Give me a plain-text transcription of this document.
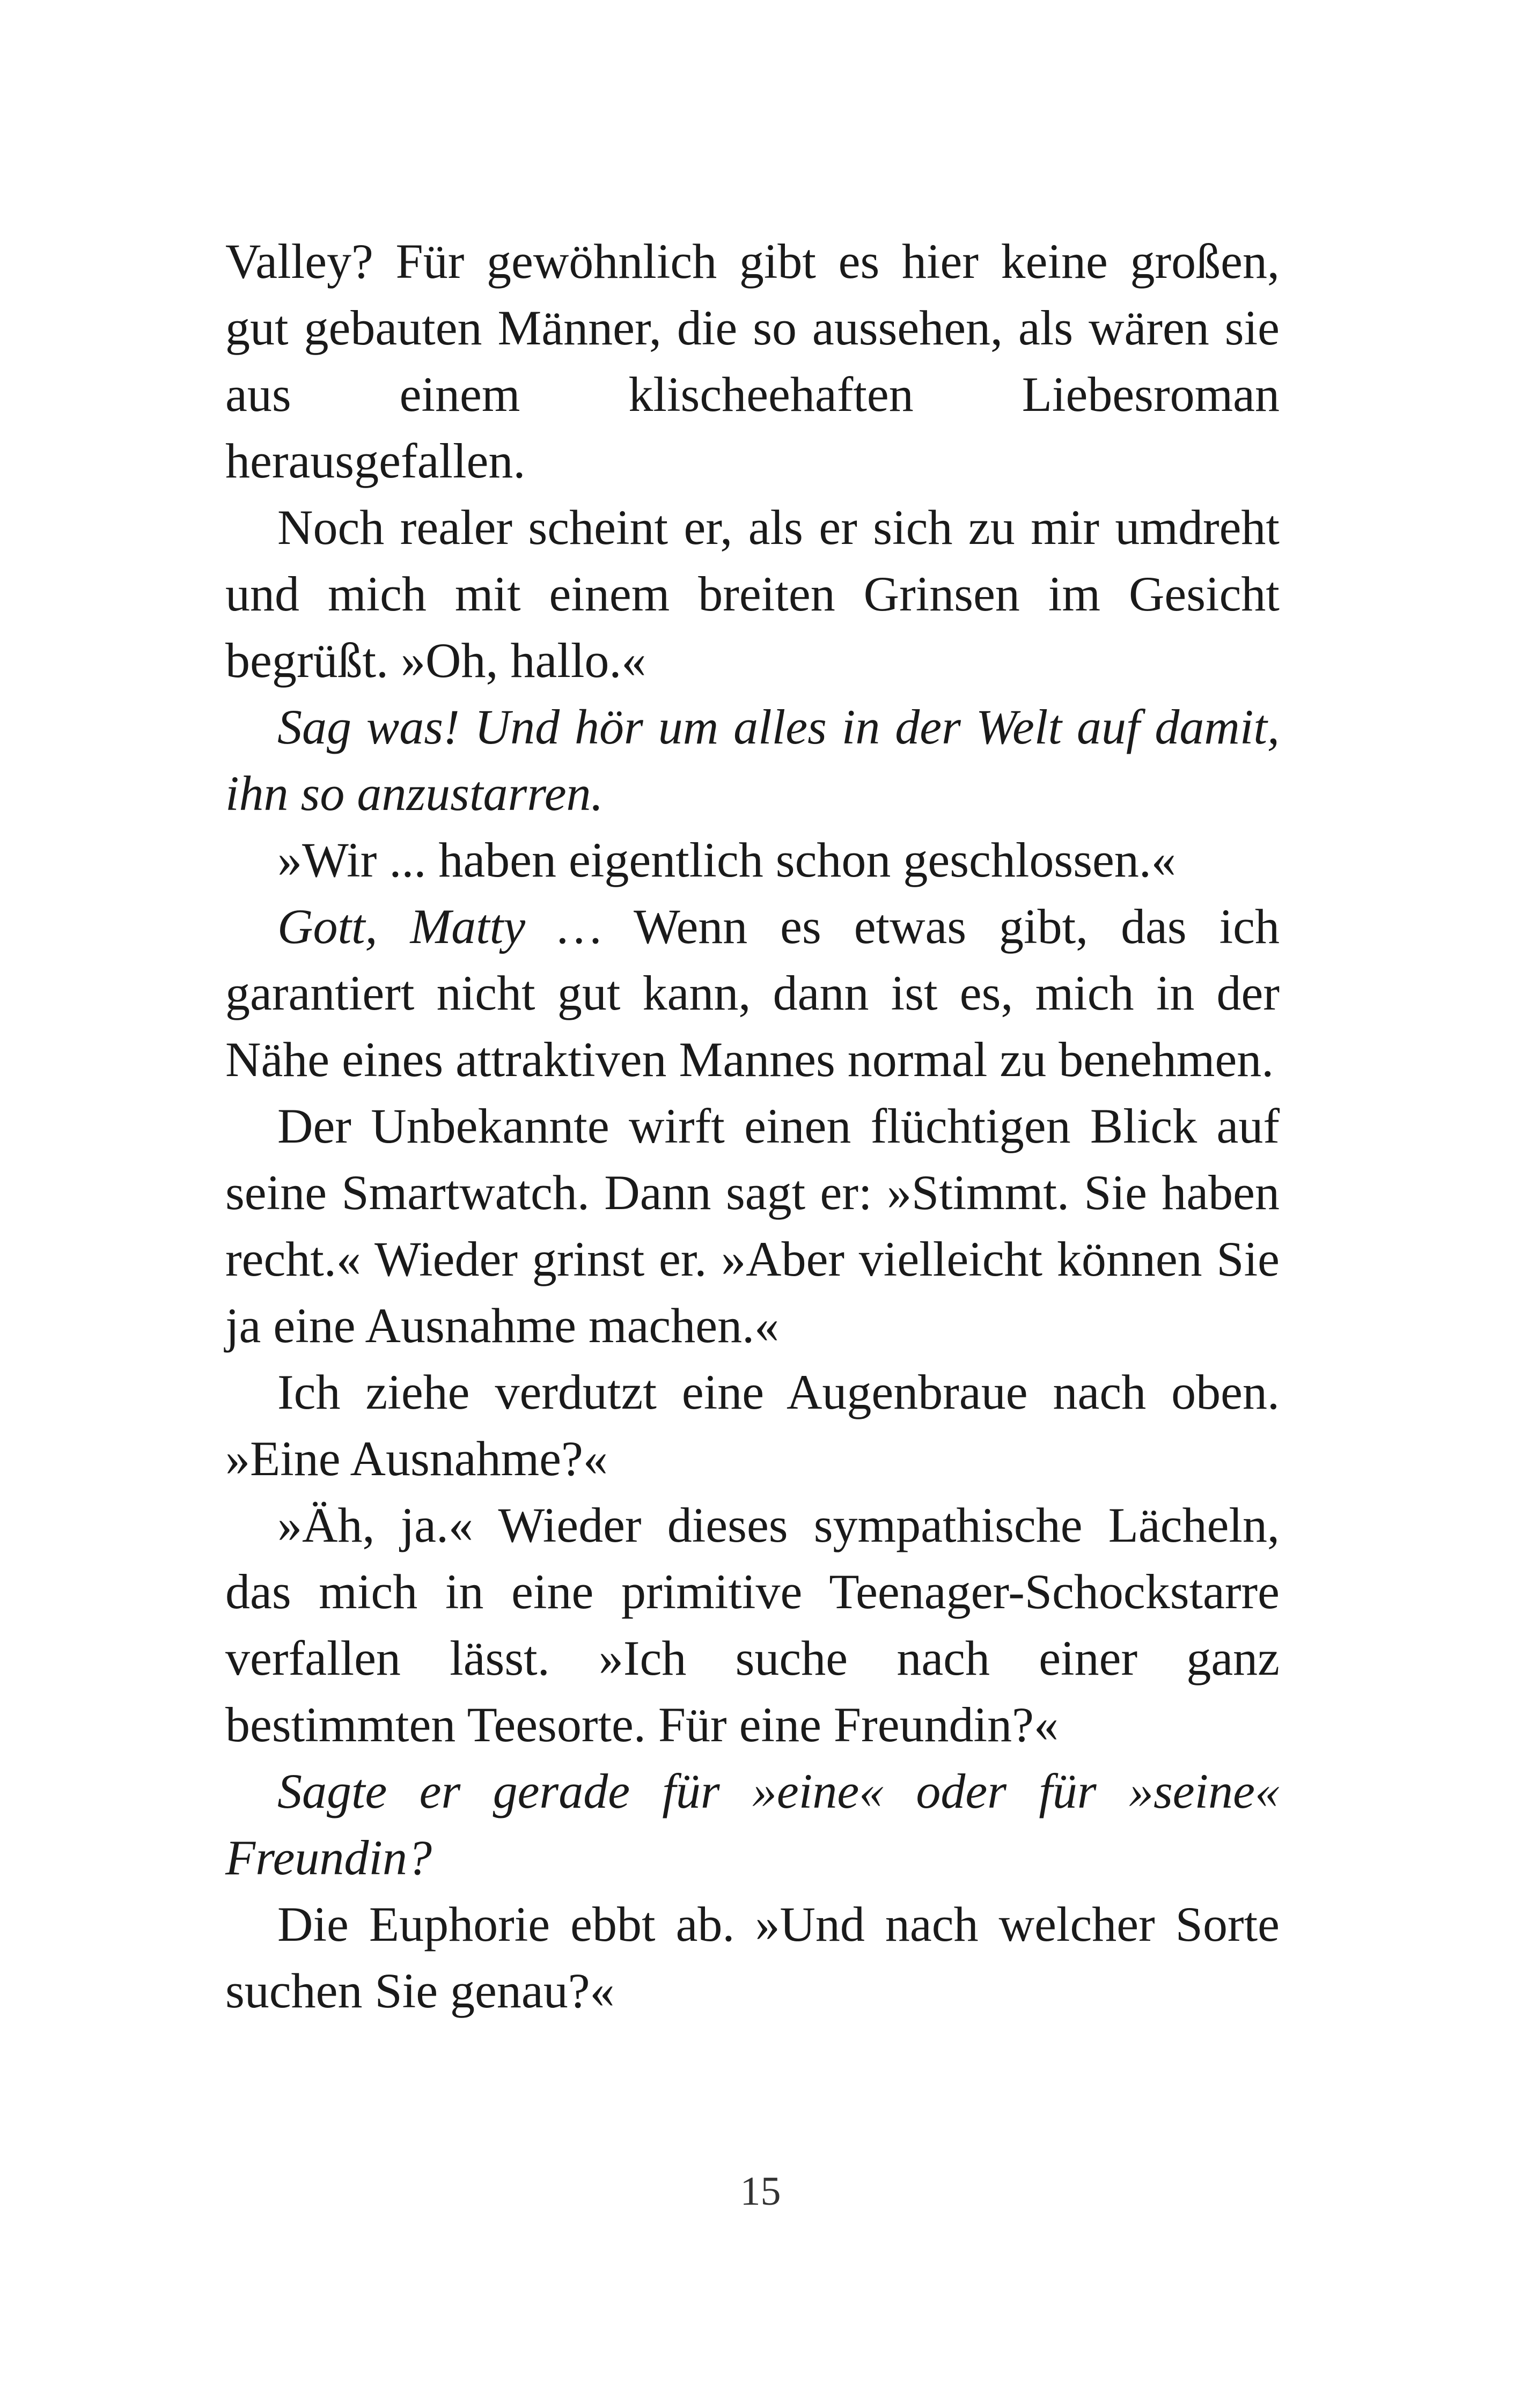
Valley? Für gewöhnlich gibt es hier keine großen, gut gebauten Männer, die so aussehen, als wären sie aus einem klischeehaften Liebesroman herausgefallen.

Noch realer scheint er, als er sich zu mir umdreht und mich mit einem breiten Grinsen im Gesicht begrüßt. »Oh, hallo.«

Sag was! Und hör um alles in der Welt auf damit, ihn so anzustarren.

»Wir ... haben eigentlich schon geschlossen.«

Gott, Matty … Wenn es etwas gibt, das ich garantiert nicht gut kann, dann ist es, mich in der Nähe eines attraktiven Mannes normal zu benehmen.

Der Unbekannte wirft einen flüchtigen Blick auf seine Smartwatch. Dann sagt er: »Stimmt. Sie haben recht.« Wieder grinst er. »Aber vielleicht können Sie ja eine Ausnahme machen.«

Ich ziehe verdutzt eine Augenbraue nach oben. »Eine Ausnahme?«

»Äh, ja.« Wieder dieses sympathische Lächeln, das mich in eine primitive Teenager-Schockstarre verfallen lässt. »Ich suche nach einer ganz bestimmten Teesorte. Für eine Freundin?«

Sagte er gerade für »eine« oder für »seine« Freundin?

Die Euphorie ebbt ab. »Und nach welcher Sorte suchen Sie genau?«

15
